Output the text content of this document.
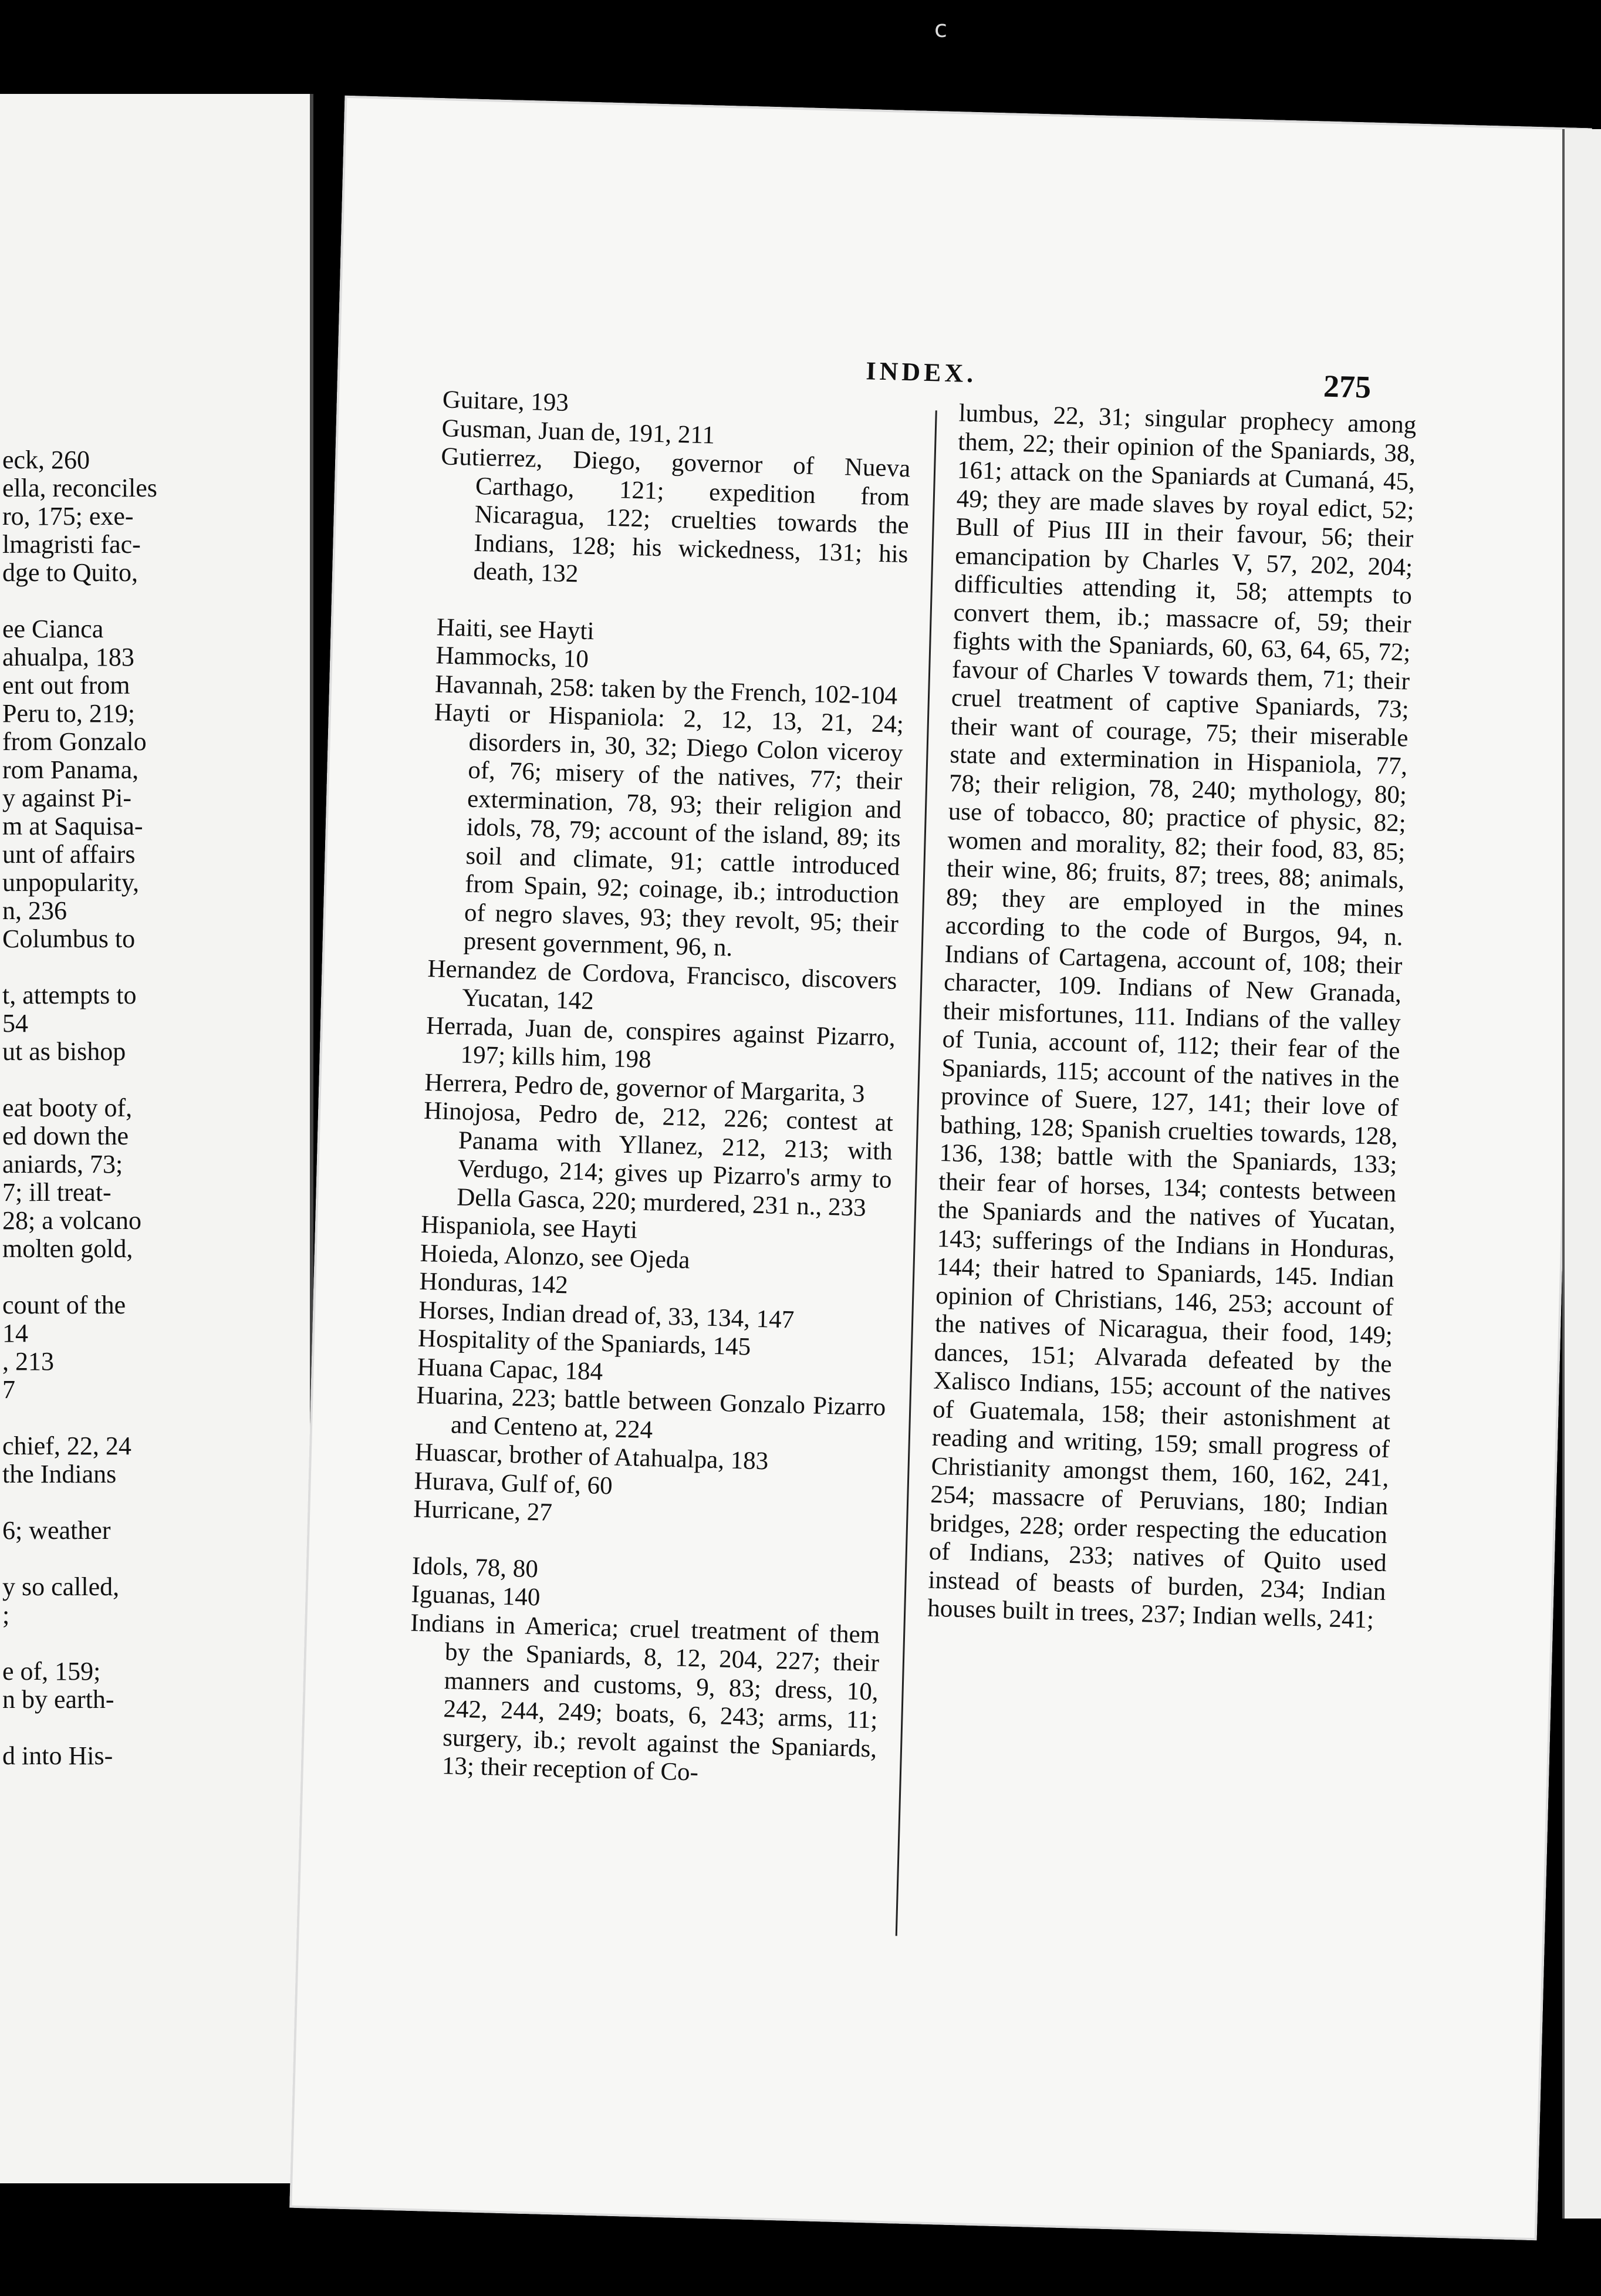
c
eck, 260
ella, reconciles
ro, 175; exe-
lmagristi fac-
dge to Quito,
ee Cianca
ahualpa, 183
ent out from
Peru to, 219;
from Gonzalo
rom Panama,
y against Pi-
m at Saquisa-
unt of affairs
unpopularity,
n, 236
Columbus to
t, attempts to
54
ut as bishop
eat booty of,
ed down the
aniards, 73;
7; ill treat-
28; a volcano
molten gold,
count of the
14
, 213
7
chief, 22, 24
the Indians
6; weather
y so called,
;
e of, 159;
n by earth-
d into His-
INDEX.	275

Guitare, 193

Gusman, Juan de, 191, 211

Gutierrez, Diego, governor of Nueva Carthago, 121; expedition from Nicaragua, 122; cruelties towards the Indians, 128; his wickedness, 131; his death, 132

Haiti, see Hayti

Hammocks, 10

Havannah, 258: taken by the French, 102-104

Hayti or Hispaniola: 2, 12, 13, 21, 24; disorders in, 30, 32; Diego Colon viceroy of, 76; misery of the natives, 77; their extermination, 78, 93; their religion and idols, 78, 79; account of the island, 89; its soil and climate, 91; cattle introduced from Spain, 92; coinage, ib.; introduction of negro slaves, 93; they revolt, 95; their present government, 96, n.

Hernandez de Cordova, Francisco, discovers Yucatan, 142

Herrada, Juan de, conspires against Pizarro, 197; kills him, 198

Herrera, Pedro de, governor of Margarita, 3

Hinojosa, Pedro de, 212, 226; contest at Panama with Yllanez, 212, 213; with Verdugo, 214; gives up Pizarro's army to Della Gasca, 220; murdered, 231 n., 233

Hispaniola, see Hayti

Hoieda, Alonzo, see Ojeda

Honduras, 142

Horses, Indian dread of, 33, 134, 147

Hospitality of the Spaniards, 145

Huana Capac, 184

Huarina, 223; battle between Gonzalo Pizarro and Centeno at, 224

Huascar, brother of Atahualpa, 183

Hurava, Gulf of, 60

Hurricane, 27

Idols, 78, 80

Iguanas, 140

Indians in America; cruel treatment of them by the Spaniards, 8, 12, 204, 227; their manners and customs, 9, 83; dress, 10, 242, 244, 249; boats, 6, 243; arms, 11; surgery, ib.; revolt against the Spaniards, 13; their reception of Co-

lumbus, 22, 31; singular prophecy among them, 22; their opinion of the Spaniards, 38, 161; attack on the Spaniards at Cumaná, 45, 49; they are made slaves by royal edict, 52; Bull of Pius III in their favour, 56; their emancipation by Charles V, 57, 202, 204; difficulties attending it, 58; attempts to convert them, ib.; massacre of, 59; their fights with the Spaniards, 60, 63, 64, 65, 72; favour of Charles V towards them, 71; their cruel treatment of captive Spaniards, 73; their want of courage, 75; their miserable state and extermination in Hispaniola, 77, 78; their religion, 78, 240; mythology, 80; use of tobacco, 80; practice of physic, 82; women and morality, 82; their food, 83, 85; their wine, 86; fruits, 87; trees, 88; animals, 89; they are employed in the mines according to the code of Burgos, 94, n. Indians of Cartagena, account of, 108; their character, 109. Indians of New Granada, their misfortunes, 111. Indians of the valley of Tunia, account of, 112; their fear of the Spaniards, 115; account of the natives in the province of Suere, 127, 141; their love of bathing, 128; Spanish cruelties towards, 128, 136, 138; battle with the Spaniards, 133; their fear of horses, 134; contests between the Spaniards and the natives of Yucatan, 143; sufferings of the Indians in Honduras, 144; their hatred to Spaniards, 145. Indian opinion of Christians, 146, 253; account of the natives of Nicaragua, their food, 149; dances, 151; Alvarada defeated by the Xalisco Indians, 155; account of the natives of Guatemala, 158; their astonishment at reading and writing, 159; small progress of Christianity amongst them, 160, 162, 241, 254; massacre of Peruvians, 180; Indian bridges, 228; order respecting the education of Indians, 233; natives of Quito used instead of beasts of burden, 234; Indian houses built in trees, 237; Indian wells, 241;
